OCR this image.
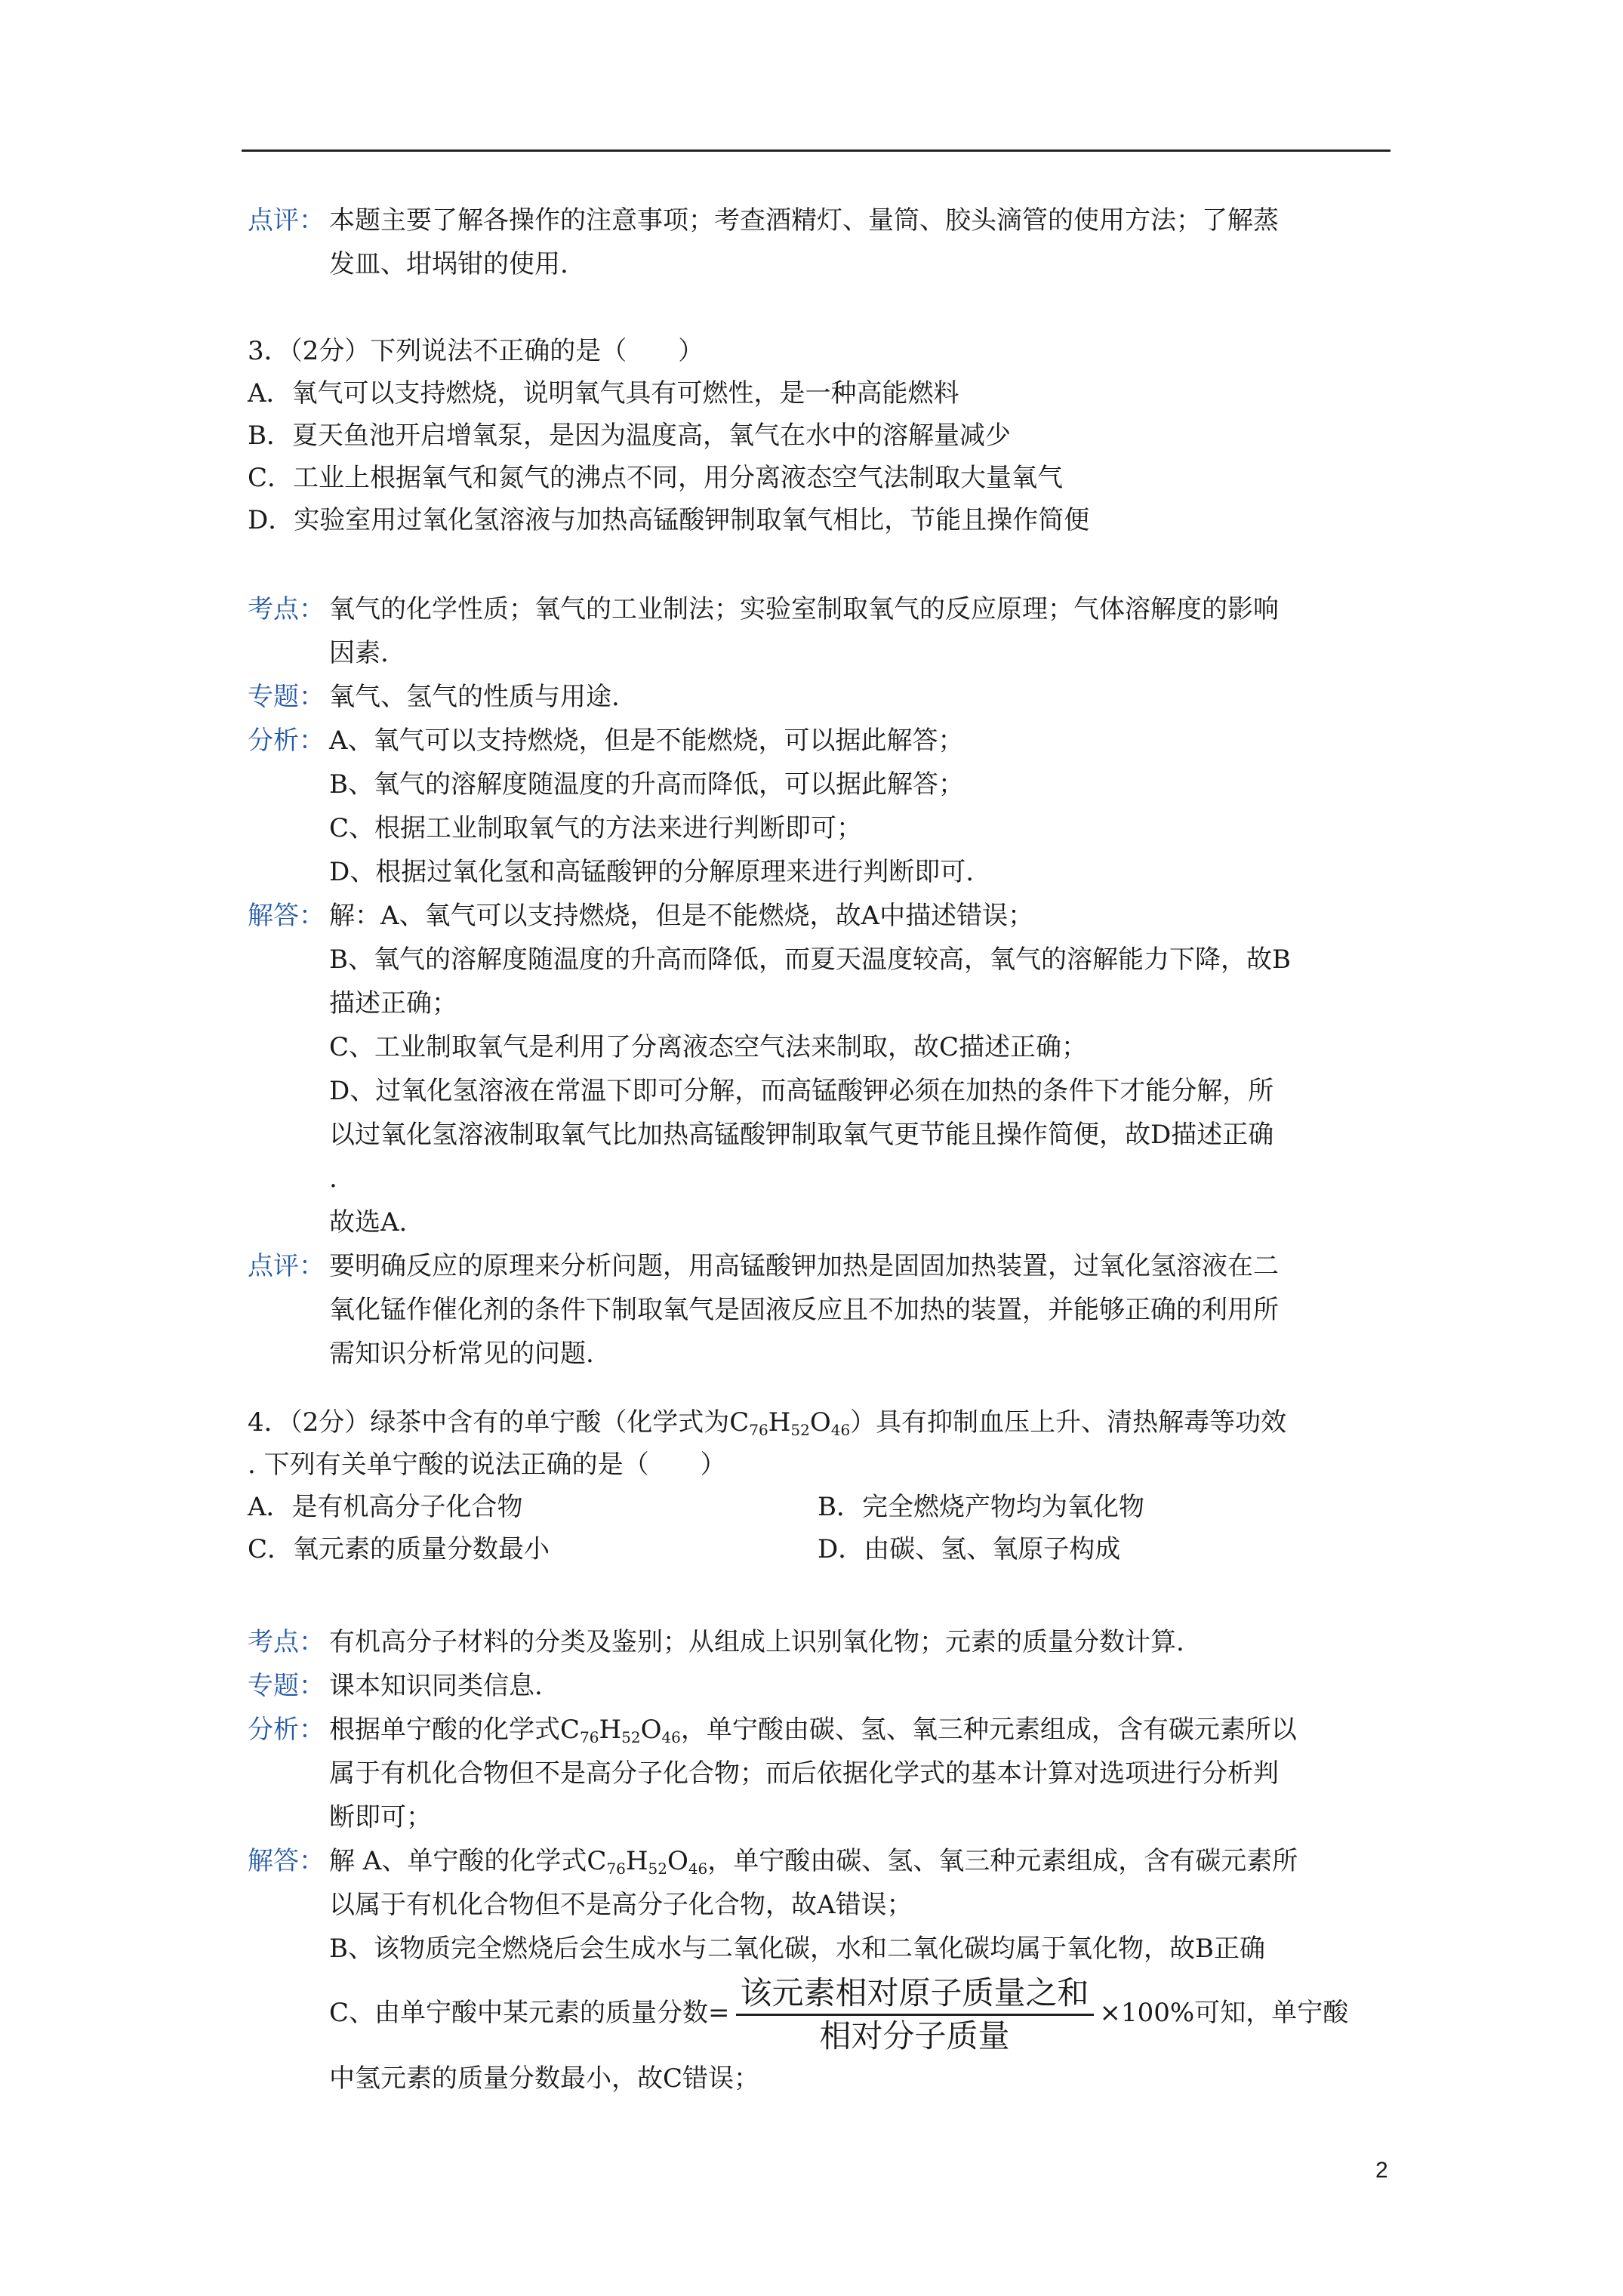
点评： 本题主要了解各操作的注意事项；考查酒精灯、量筒、胶头滴管的使用方法；了解蒸
发皿、坩埚钳的使用.
3．（2分）下列说法不正确的是（　　）
A．氧气可以支持燃烧，说明氧气具有可燃性，是一种高能燃料
B．夏天鱼池开启增氧泵，是因为温度高，氧气在水中的溶解量减少
C．工业上根据氧气和氮气的沸点不同，用分离液态空气法制取大量氧气
D．实验室用过氧化氢溶液与加热高锰酸钾制取氧气相比，节能且操作简便
考点： 氧气的化学性质；氧气的工业制法；实验室制取氧气的反应原理；气体溶解度的影响
因素.
专题： 氧气、氢气的性质与用途.
分析： A、氧气可以支持燃烧，但是不能燃烧，可以据此解答；
B、氧气的溶解度随温度的升高而降低，可以据此解答；
C、根据工业制取氧气的方法来进行判断即可；
D、根据过氧化氢和高锰酸钾的分解原理来进行判断即可.
解答： 解：A、氧气可以支持燃烧，但是不能燃烧，故A中描述错误；
B、氧气的溶解度随温度的升高而降低，而夏天温度较高，氧气的溶解能力下降，故B
描述正确；
C、工业制取氧气是利用了分离液态空气法来制取，故C描述正确；
D、过氧化氢溶液在常温下即可分解，而高锰酸钾必须在加热的条件下才能分解，所
以过氧化氢溶液制取氧气比加热高锰酸钾制取氧气更节能且操作简便，故D描述正确
.
故选A.
点评： 要明确反应的原理来分析问题，用高锰酸钾加热是固固加热装置，过氧化氢溶液在二
氧化锰作催化剂的条件下制取氧气是固液反应且不加热的装置，并能够正确的利用所
需知识分析常见的问题.
4．（2分）绿茶中含有的单宁酸（化学式为$C_{76}H_{52}O_{46}$）具有抑制血压上升、清热解毒等功效
. 下列有关单宁酸的说法正确的是（　　）
A．是有机高分子化合物	B．完全燃烧产物均为氧化物
C．氧元素的质量分数最小	D．由碳、氢、氧原子构成
考点： 有机高分子材料的分类及鉴别；从组成上识别氧化物；元素的质量分数计算.
专题： 课本知识同类信息.
分析： 根据单宁酸的化学式$C_{76}H_{52}O_{46}$，单宁酸由碳、氢、氧三种元素组成，含有碳元素所以
属于有机化合物但不是高分子化合物；而后依据化学式的基本计算对选项进行分析判
断即可；
解答： 解 A、单宁酸的化学式$C_{76}H_{52}O_{46}$，单宁酸由碳、氢、氧三种元素组成，含有碳元素所
以属于有机化合物但不是高分子化合物，故A错误；
B、该物质完全燃烧后会生成水与二氧化碳，水和二氧化碳均属于氧化物，故B正确
C、由单宁酸中某元素的质量分数= $\frac{\text{该元素相对原子质量之和}}{\text{相对分子质量}} \times 100\%$可知，单宁酸
中氢元素的质量分数最小，故C错误；
2
